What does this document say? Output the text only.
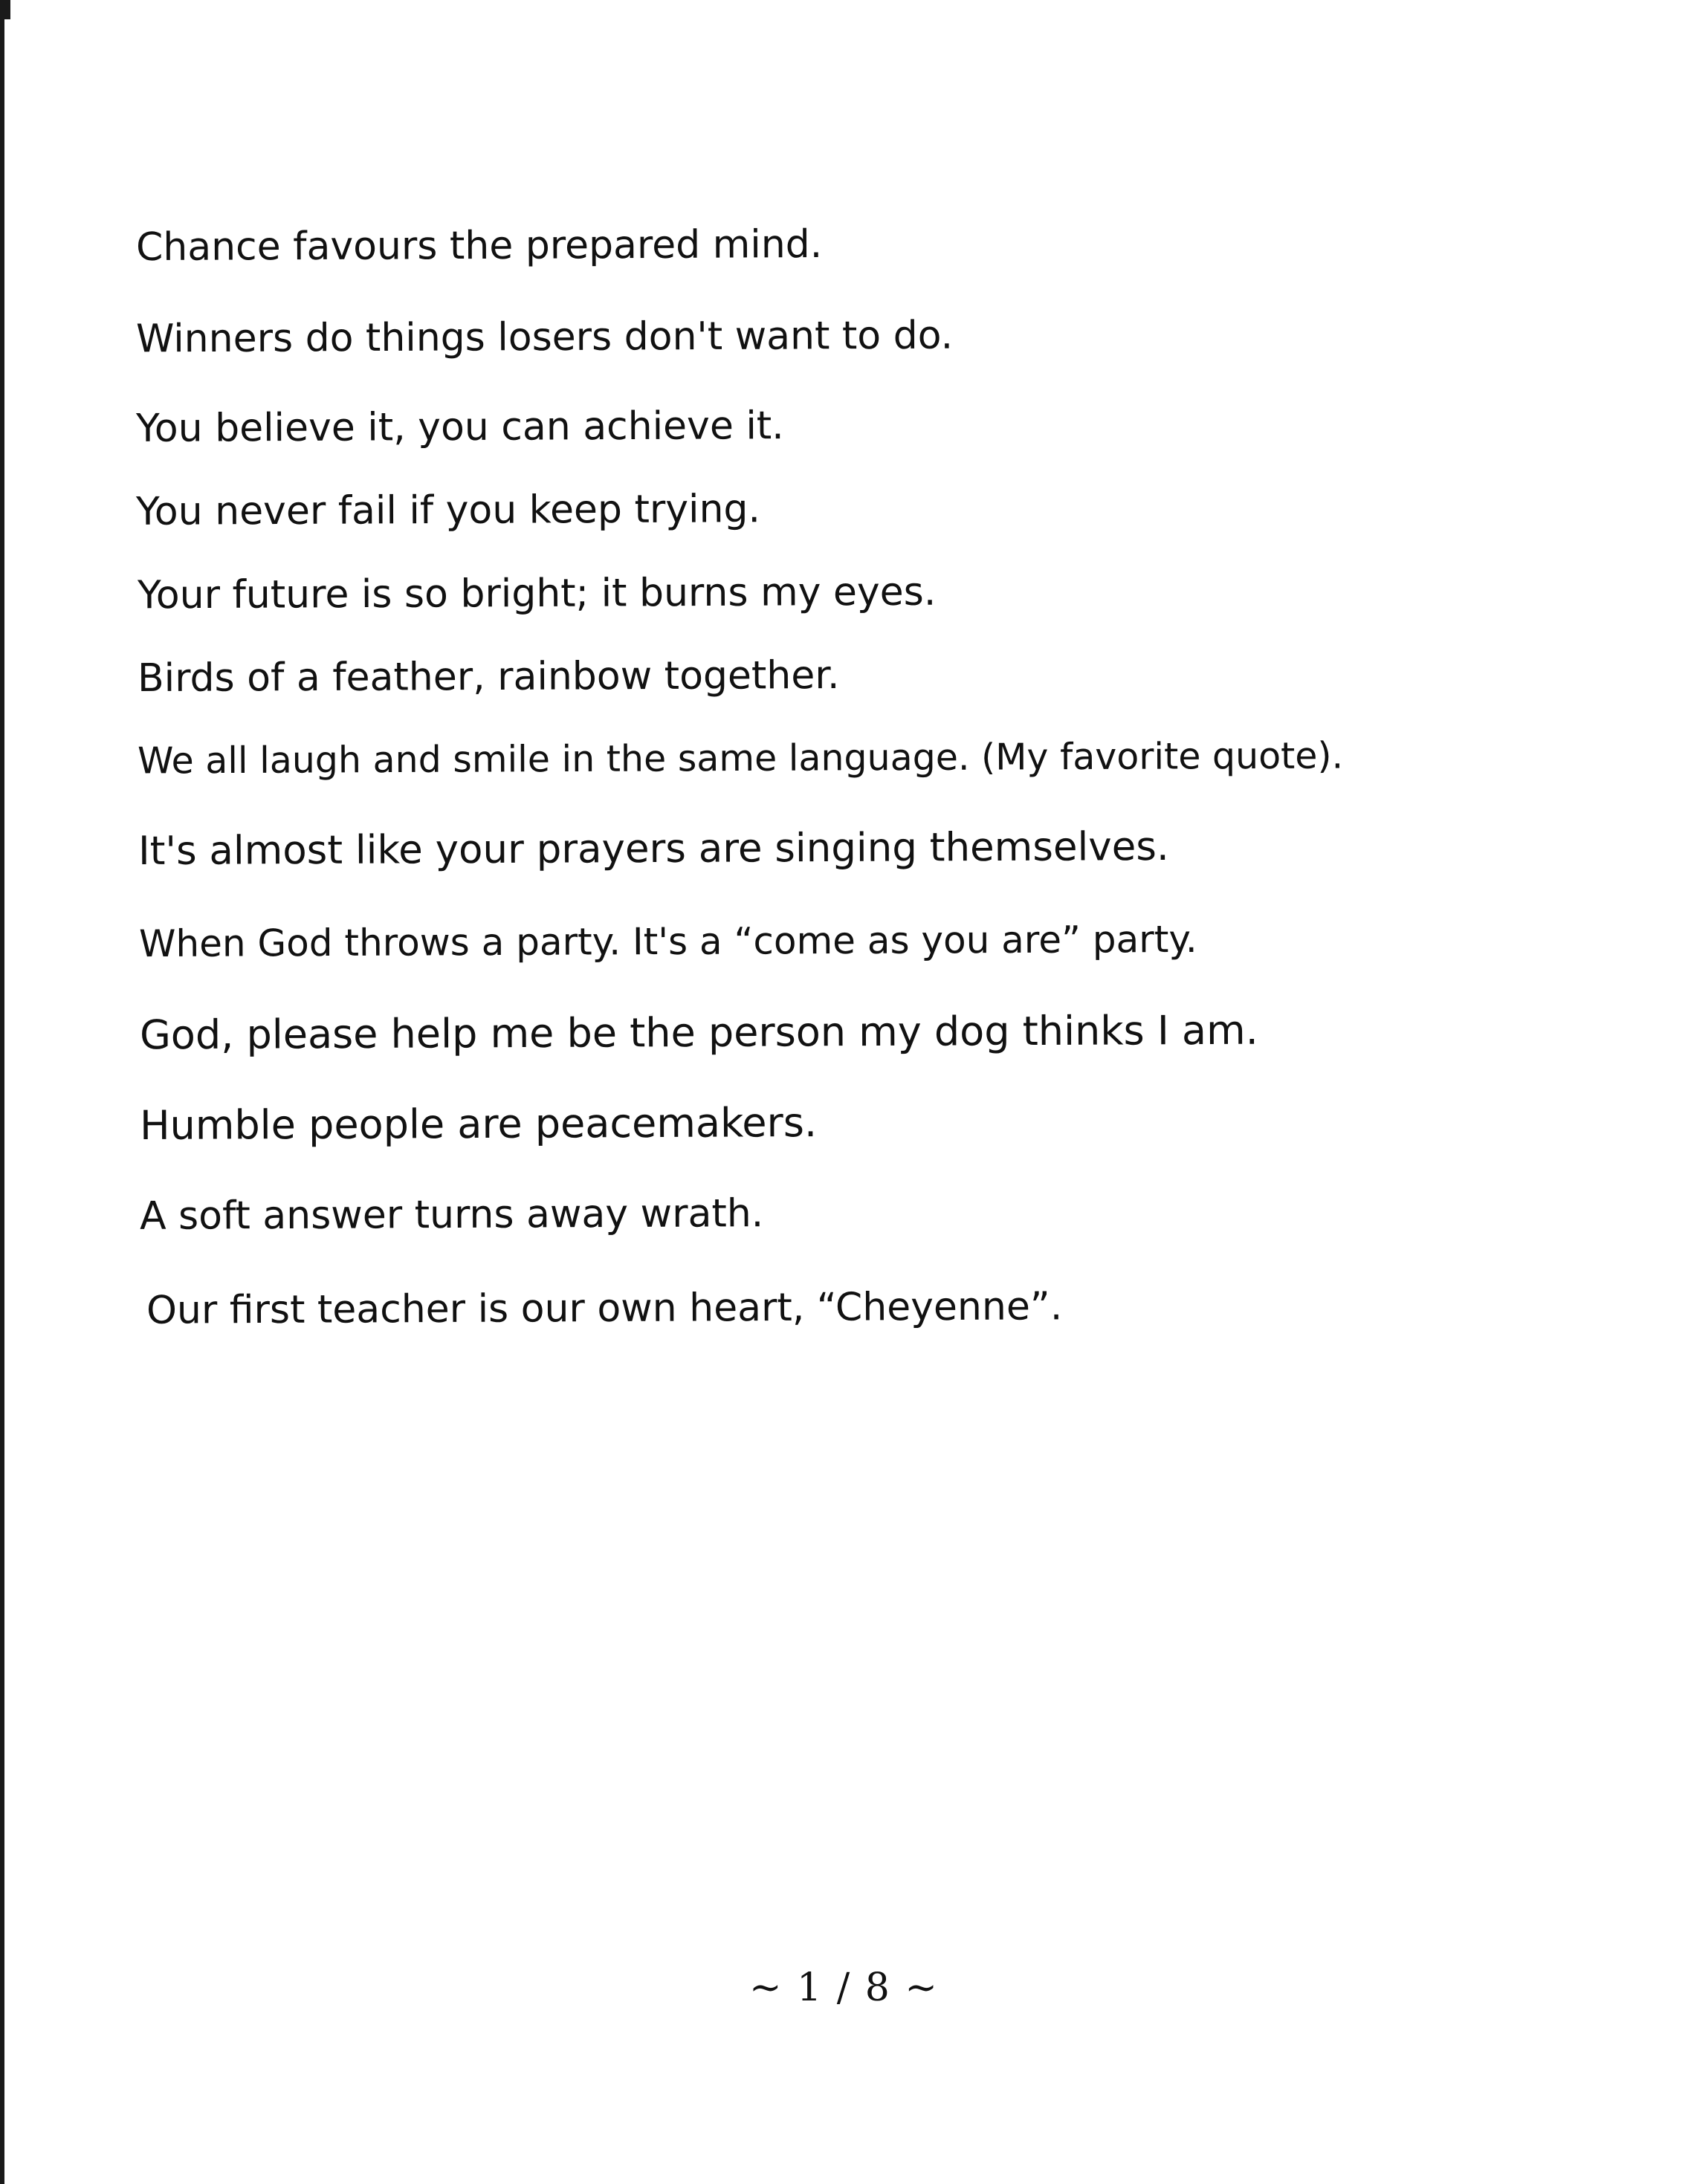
Chance favours the prepared mind.
Winners do things losers don't want to do.
You believe it, you can achieve it.
You never fail if you keep trying.
Your future is so bright; it burns my eyes.
Birds of a feather, rainbow together.
We all laugh and smile in the same language. (My favorite quote).
It's almost like your prayers are singing themselves.
When God throws a party. It's a “come as you are” party.
God, please help me be the person my dog thinks I am.
Humble people are peacemakers.
A soft answer turns away wrath.
Our first teacher is our own heart, “Cheyenne”.
~ 1 / 8 ~
